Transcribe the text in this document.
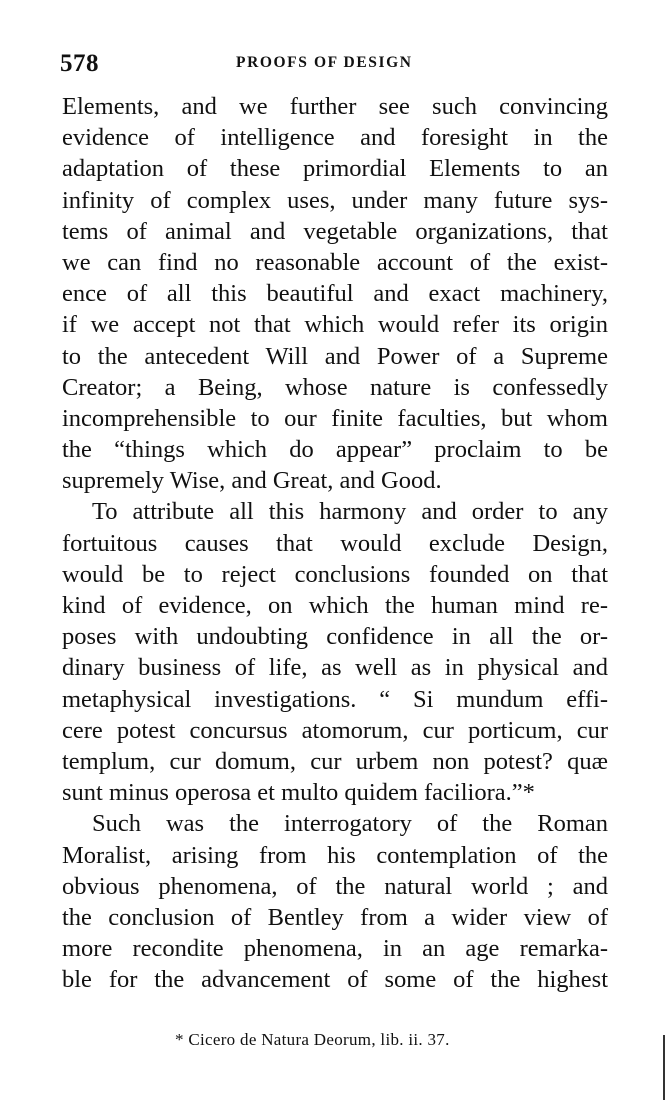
578	PROOFS OF DESIGN
Elements, and we further see such convincing
evidence of intelligence and foresight in the
adaptation of these primordial Elements to an
infinity of complex uses, under many future sys-
tems of animal and vegetable organizations, that
we can find no reasonable account of the exist-
ence of all this beautiful and exact machinery,
if we accept not that which would refer its origin
to the antecedent Will and Power of a Supreme
Creator; a Being, whose nature is confessedly
incomprehensible to our finite faculties, but whom
the “things which do appear” proclaim to be
supremely Wise, and Great, and Good.
To attribute all this harmony and order to any
fortuitous causes that would exclude Design,
would be to reject conclusions founded on that
kind of evidence, on which the human mind re-
poses with undoubting confidence in all the or-
dinary business of life, as well as in physical and
metaphysical investigations. “ Si mundum effi-
cere potest concursus atomorum, cur porticum, cur
templum, cur domum, cur urbem non potest? quæ
sunt minus operosa et multo quidem faciliora.”*
Such was the interrogatory of the Roman
Moralist, arising from his contemplation of the
obvious phenomena, of the natural world ; and
the conclusion of Bentley from a wider view of
more recondite phenomena, in an age remarka-
ble for the advancement of some of the highest
* Cicero de Natura Deorum, lib. ii. 37.
